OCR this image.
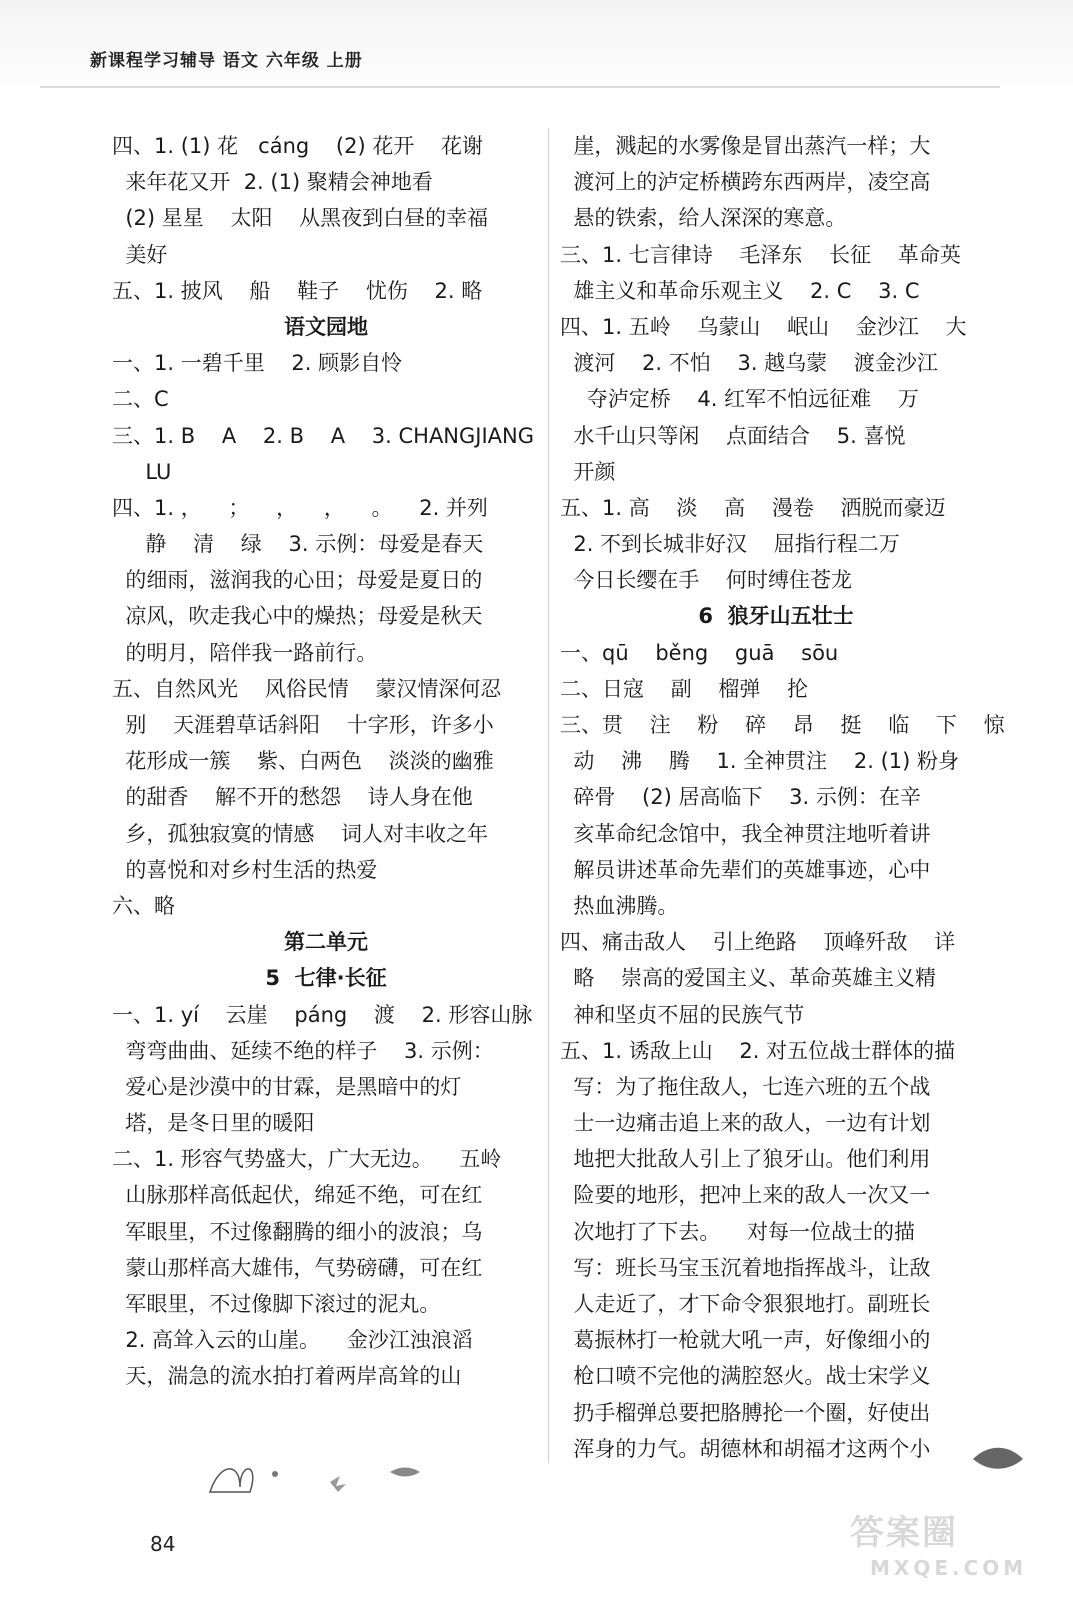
新课程学习辅导 语文 六年级 上册
四、1. (1) 花   cáng    (2) 花开    花谢
来年花又开  2. (1) 聚精会神地看
(2) 星星    太阳    从黑夜到白昼的幸福
美好
五、1. 披风    船    鞋子    忧伤    2. 略
语文园地
一、1. 一碧千里    2. 顾影自怜
二、C
三、1. B    A    2. B    A    3. CHANGJIANG
LU
四、1. ，    ；    ，    ，    。    2. 并列
静    清    绿    3. 示例：母爱是春天
的细雨，滋润我的心田；母爱是夏日的
凉风，吹走我心中的燥热；母爱是秋天
的明月，陪伴我一路前行。
五、自然风光    风俗民情    蒙汉情深何忍
别    天涯碧草话斜阳    十字形，许多小
花形成一簇    紫、白两色    淡淡的幽雅
的甜香    解不开的愁怨    诗人身在他
乡，孤独寂寞的情感    词人对丰收之年
的喜悦和对乡村生活的热爱
六、略
第二单元
5  七律·长征
一、1. yí    云崖    páng    渡    2. 形容山脉
弯弯曲曲、延续不绝的样子    3. 示例：
爱心是沙漠中的甘霖，是黑暗中的灯
塔，是冬日里的暖阳
二、1. 形容气势盛大，广大无边。    五岭
山脉那样高低起伏，绵延不绝，可在红
军眼里，不过像翻腾的细小的波浪；乌
蒙山那样高大雄伟，气势磅礴，可在红
军眼里，不过像脚下滚过的泥丸。
2. 高耸入云的山崖。    金沙江浊浪滔
天，湍急的流水拍打着两岸高耸的山
崖，溅起的水雾像是冒出蒸汽一样；大
渡河上的泸定桥横跨东西两岸，凌空高
悬的铁索，给人深深的寒意。
三、1. 七言律诗    毛泽东    长征    革命英
雄主义和革命乐观主义    2. C    3. C
四、1. 五岭    乌蒙山    岷山    金沙江    大
渡河    2. 不怕    3. 越乌蒙    渡金沙江
夺泸定桥    4. 红军不怕远征难    万
水千山只等闲    点面结合    5. 喜悦
开颜
五、1. 高    淡    高    漫卷    洒脱而豪迈
2. 不到长城非好汉    屈指行程二万
今日长缨在手    何时缚住苍龙
6  狼牙山五壮士
一、qū    běng    guā    sōu
二、日寇    副    榴弹    抡
三、贯    注    粉    碎    昂    挺    临    下    惊
动    沸    腾    1. 全神贯注    2. (1) 粉身
碎骨    (2) 居高临下    3. 示例：在辛
亥革命纪念馆中，我全神贯注地听着讲
解员讲述革命先辈们的英雄事迹，心中
热血沸腾。
四、痛击敌人    引上绝路    顶峰歼敌    详
略    崇高的爱国主义、革命英雄主义精
神和坚贞不屈的民族气节
五、1. 诱敌上山    2. 对五位战士群体的描
写：为了拖住敌人，七连六班的五个战
士一边痛击追上来的敌人，一边有计划
地把大批敌人引上了狼牙山。他们利用
险要的地形，把冲上来的敌人一次又一
次地打了下去。    对每一位战士的描
写：班长马宝玉沉着地指挥战斗，让敌
人走近了，才下命令狠狠地打。副班长
葛振林打一枪就大吼一声，好像细小的
枪口喷不完他的满腔怒火。战士宋学义
扔手榴弹总要把胳膊抡一个圈，好使出
浑身的力气。胡德林和胡福才这两个小
84	答案圈
MXQE.COM
